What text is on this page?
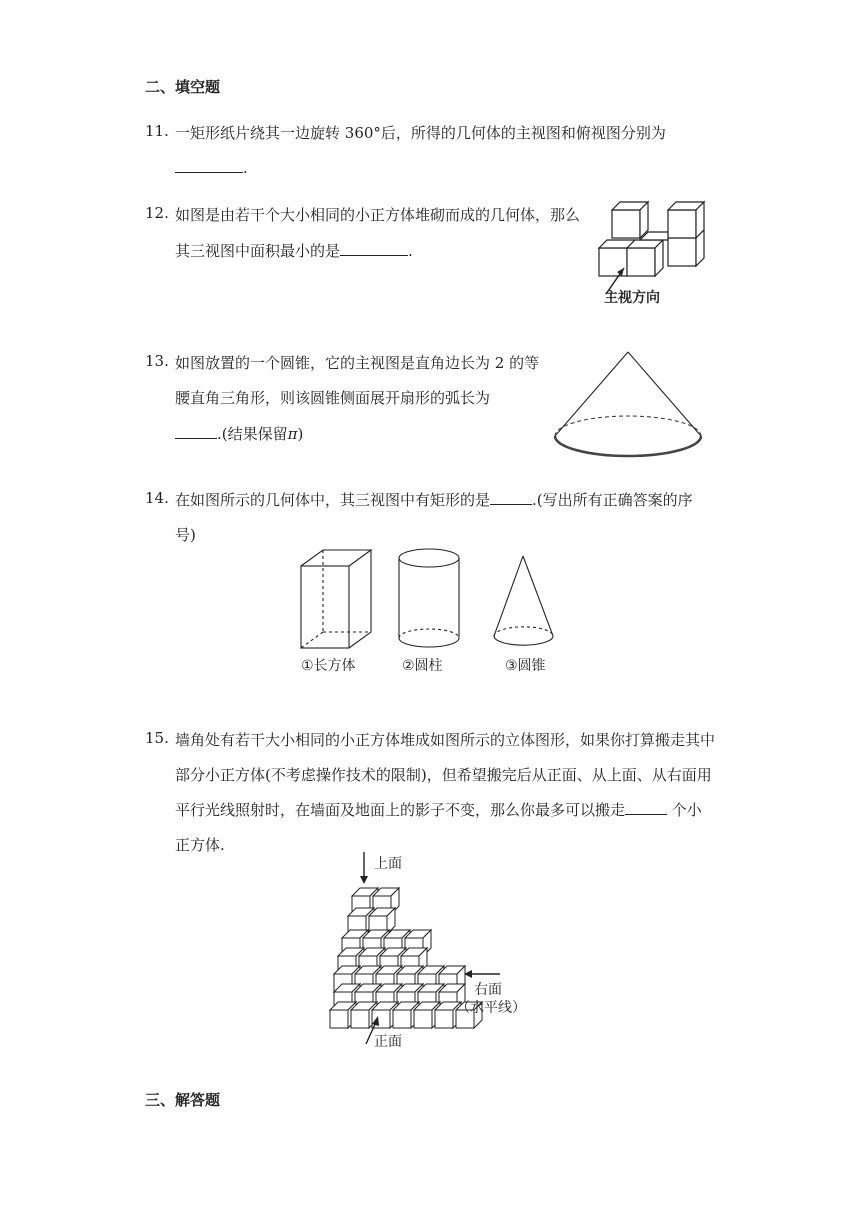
二、填空题
11. 一矩形纸片绕其一边旋转 360°后，所得的几何体的主视图和俯视图分别为
.
12. 如图是由若干个大小相同的小正方体堆砌而成的几何体，那么
其三视图中面积最小的是	.
主视方向
13. 如图放置的一个圆锥，它的主视图是直角边长为 2 的等
腰直角三角形，则该圆锥侧面展开扇形的弧长为
.(结果保留π)
14. 在如图所示的几何体中，其三视图中有矩形的是	.(写出所有正确答案的序
号)
①长方体	②圆柱	③圆锥
15. 墙角处有若干大小相同的小正方体堆成如图所示的立体图形，如果你打算搬走其中
部分小正方体(不考虑操作技术的限制)，但希望搬完后从正面、从上面、从右面用
平行光线照射时，在墙面及地面上的影子不变，那么你最多可以搬走	个小
正方体.
上面
右面
（水平线）
正面
三、解答题
